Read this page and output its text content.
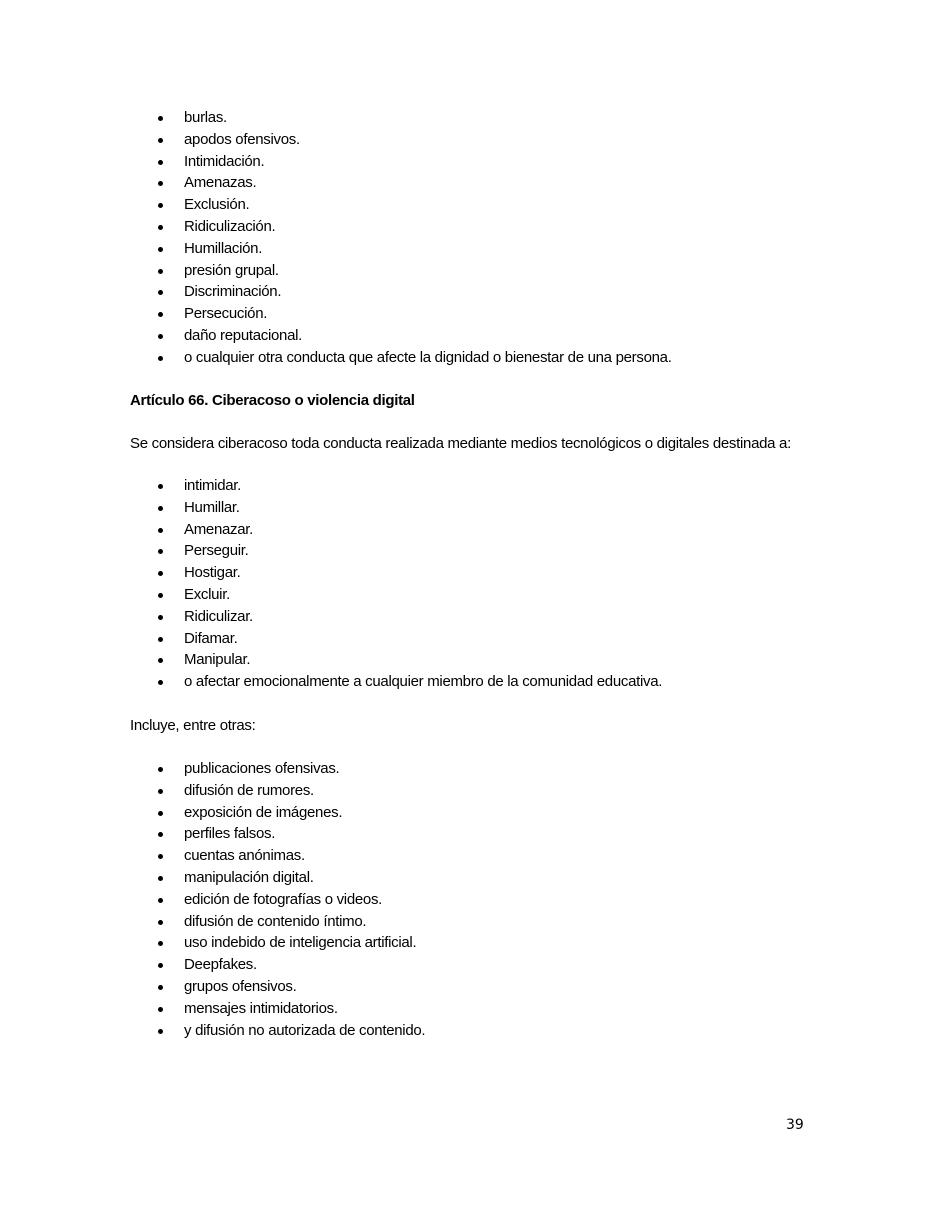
burlas.
apodos ofensivos.
Intimidación.
Amenazas.
Exclusión.
Ridiculización.
Humillación.
presión grupal.
Discriminación.
Persecución.
daño reputacional.
o cualquier otra conducta que afecte la dignidad o bienestar de una persona.
Artículo 66. Ciberacoso o violencia digital
Se considera ciberacoso toda conducta realizada mediante medios tecnológicos o digitales destinada a:
intimidar.
Humillar.
Amenazar.
Perseguir.
Hostigar.
Excluir.
Ridiculizar.
Difamar.
Manipular.
o afectar emocionalmente a cualquier miembro de la comunidad educativa.
Incluye, entre otras:
publicaciones ofensivas.
difusión de rumores.
exposición de imágenes.
perfiles falsos.
cuentas anónimas.
manipulación digital.
edición de fotografías o videos.
difusión de contenido íntimo.
uso indebido de inteligencia artificial.
Deepfakes.
grupos ofensivos.
mensajes intimidatorios.
y difusión no autorizada de contenido.
39
